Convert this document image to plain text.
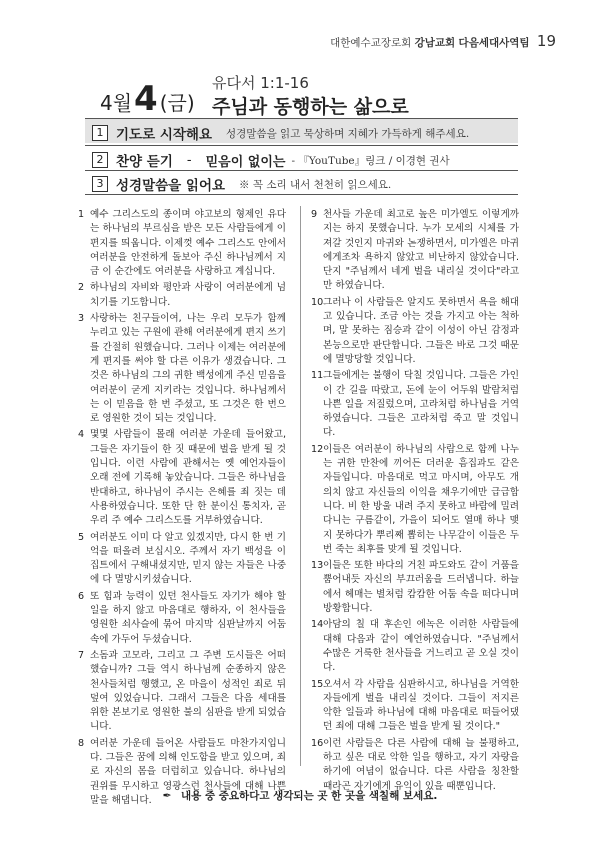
대한예수교장로회 강남교회 다음세대사역팀 19
4월 4 (금)
유다서 1:1-16
주님과 동행하는 삶으로
1 기도로 시작해요 성경말씀을 읽고 묵상하며 지혜가 가득하게 해주세요.
2 찬양 듣기 - 믿음이 없이는 - 『YouTube』링크 / 이경현 권사
3 성경말씀을 읽어요 ※ 꼭 소리 내서 천천히 읽으세요.
1 예수 그리스도의 종이며 야고보의 형제인 유다는 하나님의 부르심을 받은 모든 사람들에게 이 편지를 띄웁니다. 이제껏 예수 그리스도 안에서 여러분을 안전하게 돌보아 주신 하나님께서 지금 이 순간에도 여러분을 사랑하고 계십니다.
2 하나님의 자비와 평안과 사랑이 여러분에게 넘치기를 기도합니다.
3 사랑하는 친구들이여, 나는 우리 모두가 함께 누리고 있는 구원에 관해 여러분에게 편지 쓰기를 간절히 원했습니다. 그러나 이제는 여러분에게 편지를 써야 할 다른 이유가 생겼습니다. 그것은 하나님의 그의 귀한 백성에게 주신 믿음을 여러분이 굳게 지키라는 것입니다. 하나님께서는 이 믿음을 한 번 주셨고, 또 그것은 한 번으로 영원한 것이 되는 것입니다.
4 몇몇 사람들이 몰래 여러분 가운데 들어왔고, 그들은 자기들이 한 짓 때문에 벌을 받게 될 것입니다. 이런 사람에 관해서는 옛 예언자들이 오래 전에 기록해 놓았습니다. 그들은 하나님을 반대하고, 하나님이 주시는 은혜를 죄 짓는 데 사용하였습니다. 또한 단 한 분이신 통치자, 곧 우리 주 예수 그리스도를 거부하였습니다.
5 여러분도 이미 다 알고 있겠지만, 다시 한 번 기억을 떠올려 보십시오. 주께서 자기 백성을 이집트에서 구해내셨지만, 믿지 않는 자들은 나중에 다 멸망시키셨습니다.
6 또 힘과 능력이 있던 천사들도 자기가 해야 할 일을 하지 않고 마음대로 행하자, 이 천사들을 영원한 쇠사슬에 묶어 마지막 심판날까지 어둠 속에 가두어 두셨습니다.
7 소돔과 고모라, 그리고 그 주변 도시들은 어떠했습니까? 그들 역시 하나님께 순종하지 않은 천사들처럼 행했고, 온 마을이 성적인 죄로 뒤덮여 있었습니다. 그래서 그들은 다음 세대를 위한 본보기로 영원한 불의 심판을 받게 되었습니다.
8 여러분 가운데 들어온 사람들도 마찬가지입니다. 그들은 꿈에 의해 인도함을 받고 있으며, 죄로 자신의 몸을 더럽히고 있습니다. 하나님의 권위를 무시하고 영광스런 천사들에 대해 나쁜 말을 해댑니다.
9 천사들 가운데 최고로 높은 미가엘도 이렇게까지는 하지 못했습니다. 누가 모세의 시체를 가져갈 것인지 마귀와 논쟁하면서, 미가엘은 마귀에게조차 욕하지 않았고 비난하지 않았습니다. 단지 "주님께서 네게 벌을 내리실 것이다"라고만 하였습니다.
10 그러나 이 사람들은 알지도 못하면서 욕을 해대고 있습니다. 조금 아는 것을 가지고 아는 척하며, 말 못하는 짐승과 같이 이성이 아닌 감정과 본능으로만 판단합니다. 그들은 바로 그것 때문에 멸망당할 것입니다.
11 그들에게는 불행이 닥칠 것입니다. 그들은 가인이 간 길을 따랐고, 돈에 눈이 어두워 발람처럼 나쁜 일을 저질렀으며, 고라처럼 하나님을 거역하였습니다. 그들은 고라처럼 죽고 말 것입니다.
12 이들은 여러분이 하나님의 사람으로 함께 나누는 귀한 만찬에 끼어든 더러운 흠집과도 같은 자들입니다. 마음대로 먹고 마시며, 아무도 개의치 않고 자신들의 이익을 채우기에만 급급합니다. 비 한 방울 내려 주지 못하고 바람에 밀려다니는 구름같이, 가을이 되어도 열매 하나 맺지 못하다가 뿌리째 뽑히는 나무같이 이들은 두 번 죽는 최후를 맞게 될 것입니다.
13 이들은 또한 바다의 거친 파도와도 같이 거품을 뿜어내듯 자신의 부끄러움을 드러냅니다. 하늘에서 헤매는 별처럼 캄캄한 어둠 속을 떠다니며 방황합니다.
14 아담의 칠 대 후손인 에녹은 이러한 사람들에 대해 다음과 같이 예언하였습니다. "주님께서 수많은 거룩한 천사들을 거느리고 곧 오실 것이다.
15 오셔서 각 사람을 심판하시고, 하나님을 거역한 자들에게 벌을 내리실 것이다. 그들이 저지른 악한 일들과 하나님에 대해 마음대로 떠들어댔던 죄에 대해 그들은 벌을 받게 될 것이다."
16 이런 사람들은 다른 사람에 대해 늘 불평하고, 하고 싶은 대로 악한 일을 행하고, 자기 자랑을 하기에 여념이 없습니다. 다른 사람을 칭찬할 때라곤 자기에게 유익이 있을 때뿐입니다.
✒ 내용 중 중요하다고 생각되는 곳 한 곳을 색칠해 보세요.
